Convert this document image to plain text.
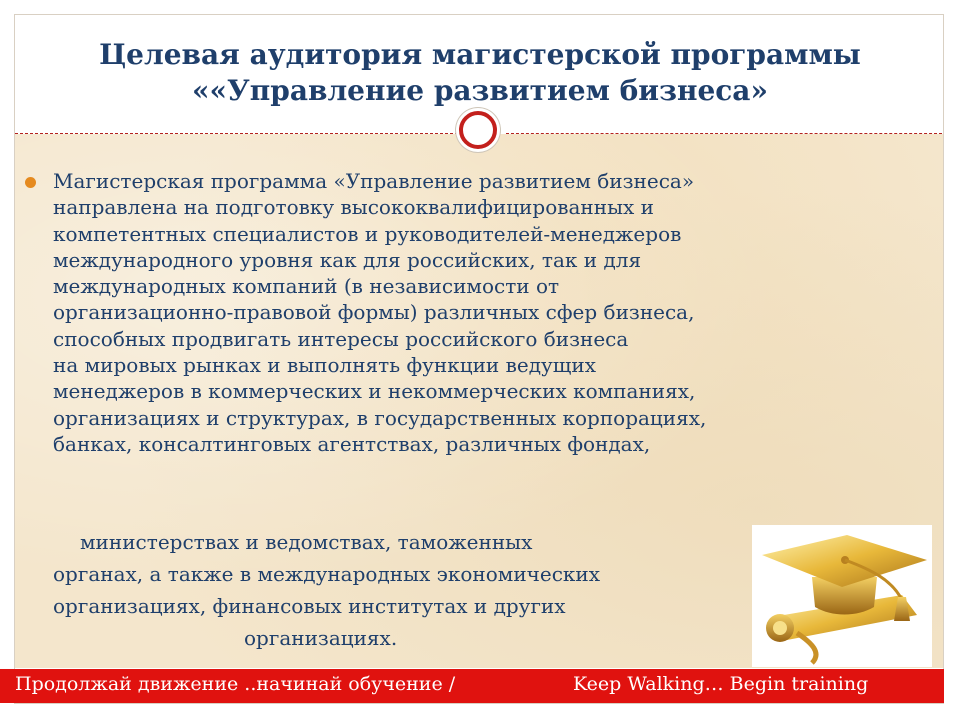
Целевая аудитория магистерской программы
««Управление развитием бизнеса»
Магистерская программа «Управление развитием бизнеса»
направлена на подготовку высококвалифицированных и
компетентных специалистов и руководителей-менеджеров
международного уровня как для российских, так и для
международных компаний (в независимости от
организационно-правовой формы) различных сфер бизнеса,
способных продвигать интересы российского бизнеса
на мировых рынках и выполнять функции ведущих
менеджеров в коммерческих и некоммерческих компаниях,
организациях и структурах, в государственных корпорациях,
банках, консалтинговых агентствах, различных фондах,
министерствах и ведомствах, таможенных
органах, а также в международных экономических
организациях, финансовых институтах и других
организациях.
Продолжай движение ..начинай обучение /	Keep Walking… Begin training
